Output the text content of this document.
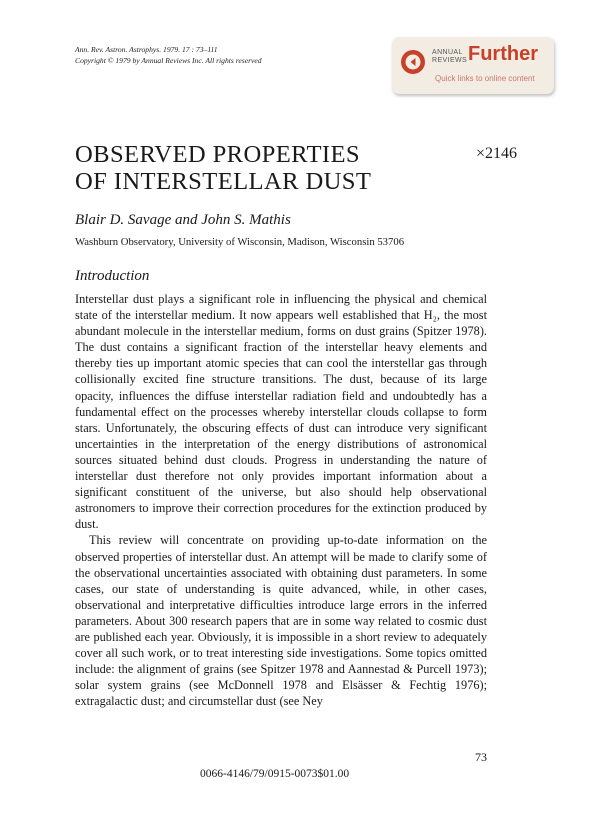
Ann. Rev. Astron. Astrophys. 1979. 17 : 73–111
Copyright © 1979 by Annual Reviews Inc. All rights reserved
ANNUAL
REVIEWS Further
Quick links to online content
OBSERVED PROPERTIES
OF INTERSTELLAR DUST
×2146
Blair D. Savage and John S. Mathis
Washburn Observatory, University of Wisconsin, Madison, Wisconsin 53706
Introduction

Interstellar dust plays a significant role in influencing the physical and chemical state of the interstellar medium. It now appears well established that H₂, the most abundant molecule in the interstellar medium, forms on dust grains (Spitzer 1978). The dust contains a significant fraction of the interstellar heavy elements and thereby ties up important atomic species that can cool the interstellar gas through collisionally excited fine structure transitions. The dust, because of its large opacity, influences the diffuse interstellar radiation field and undoubtedly has a fundamental effect on the processes whereby interstellar clouds collapse to form stars. Unfortunately, the obscuring effects of dust can introduce very significant uncertainties in the interpretation of the energy distributions of astronomical sources situated behind dust clouds. Progress in understanding the nature of interstellar dust therefore not only provides important information about a significant constituent of the universe, but also should help observational astronomers to improve their correction procedures for the extinction produced by dust.

This review will concentrate on providing up-to-date information on the observed properties of interstellar dust. An attempt will be made to clarify some of the observational uncertainties associated with obtaining dust parameters. In some cases, our state of understanding is quite advanced, while, in other cases, observational and interpretative difficulties introduce large errors in the inferred parameters. About 300 research papers that are in some way related to cosmic dust are published each year. Obviously, it is impossible in a short review to adequately cover all such work, or to treat interesting side investigations. Some topics omitted include: the alignment of grains (see Spitzer 1978 and Aannestad & Purcell 1973); solar system grains (see McDonnell 1978 and Elsässer & Fechtig 1976); extragalactic dust; and circumstellar dust (see Ney

73
0066-4146/79/0915-0073$01.00
